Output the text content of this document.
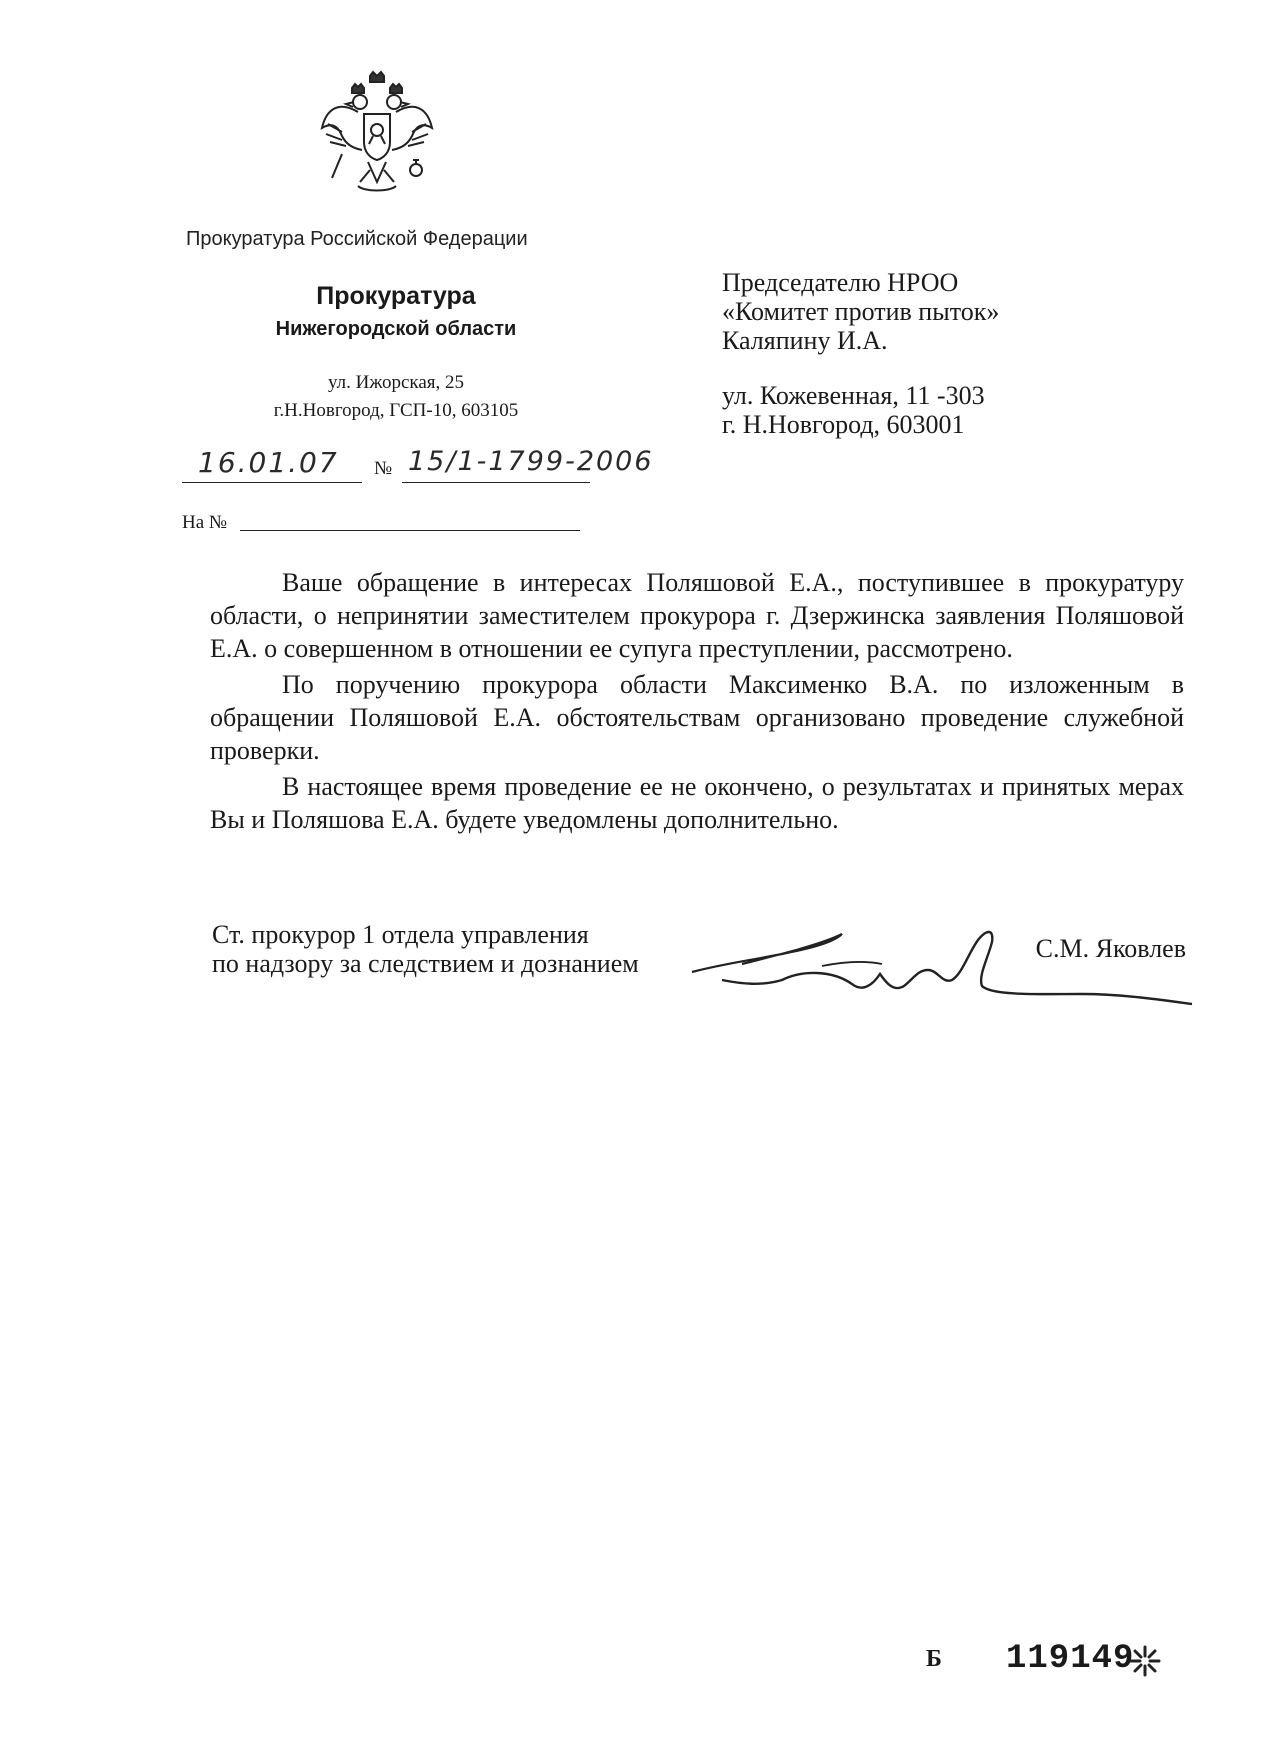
Прокуратура Российской Федерации
Прокуратура
Нижегородской области
ул. Ижорская, 25
г.Н.Новгород, ГСП-10, 603105
16.01.07 № 15/1-1799-2006
На №
Председателю НРОО
«Комитет против пыток»
Каляпину И.А.
ул. Кожевенная, 11 -303
г. Н.Новгород, 603001

Ваше обращение в интересах Поляшовой Е.А., поступившее в прокуратуру области, о непринятии заместителем прокурора г. Дзержинска заявления Поляшовой Е.А. о совершенном в отношении ее супуга преступлении, рассмотрено.

По поручению прокурора области Максименко В.А. по изложенным в обращении Поляшовой Е.А. обстоятельствам организовано проведение служебной проверки.

В настоящее время проведение ее не окончено, о результатах и принятых мерах Вы и Поляшова Е.А. будете уведомлены дополнительно.

Ст. прокурор 1 отдела управления
по надзору за следствием и дознанием
С.М. Яковлев
Б 119149
